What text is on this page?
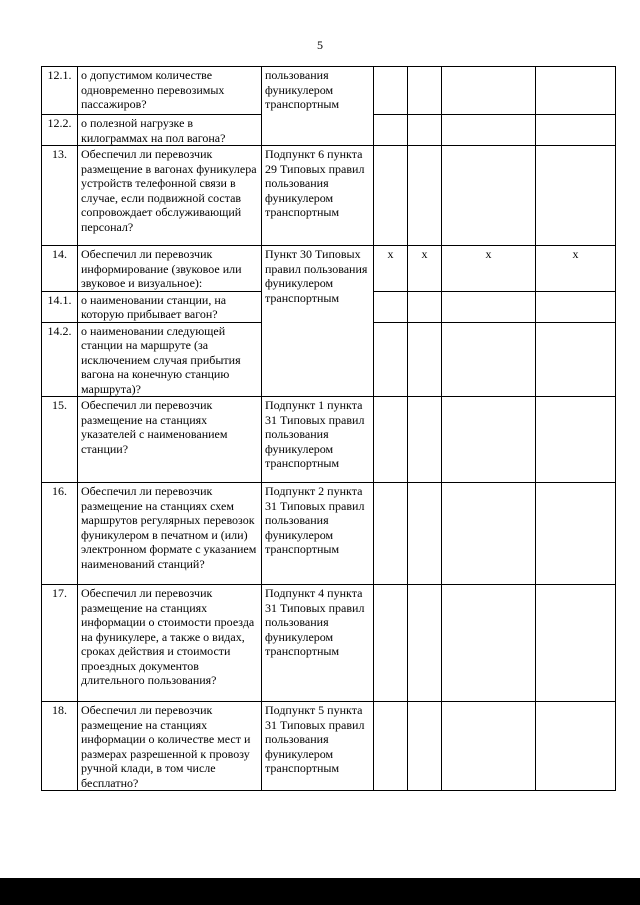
5
12.1.	о допустимом количестве одновременно перевозимых пассажиров?	пользования фуникулером транспортным				
12.2.	о полезной нагрузке в килограммах на пол вагона?					
13.	Обеспечил ли перевозчик размещение в вагонах фуникулера устройств телефонной связи в случае, если подвижной состав сопровождает обслуживающий персонал?	Подпункт 6 пункта 29 Типовых правил пользования фуникулером транспортным				
14.	Обеспечил ли перевозчик информирование (звуковое или звуковое и визуальное):	Пункт 30 Типовых правил пользования фуникулером транспортным	x	x	x	x
14.1.	о наименовании станции, на которую прибывает вагон?					
14.2.	о наименовании следующей станции на маршруте (за исключением случая прибытия вагона на конечную станцию маршрута)?					
15.	Обеспечил ли перевозчик размещение на станциях указателей с наименованием станции?	Подпункт 1 пункта 31 Типовых правил пользования фуникулером транспортным				
16.	Обеспечил ли перевозчик размещение на станциях схем маршрутов регулярных перевозок фуникулером в печатном и (или) электронном формате с указанием наименований станций?	Подпункт 2 пункта 31 Типовых правил пользования фуникулером транспортным				
17.	Обеспечил ли перевозчик размещение на станциях информации о стоимости проезда на фуникулере, а также о видах, сроках действия и стоимости проездных документов длительного пользования?	Подпункт 4 пункта 31 Типовых правил пользования фуникулером транспортным				
18.	Обеспечил ли перевозчик размещение на станциях информации о количестве мест и размерах разрешенной к провозу ручной клади, в том числе бесплатно?	Подпункт 5 пункта 31 Типовых правил пользования фуникулером транспортным				
